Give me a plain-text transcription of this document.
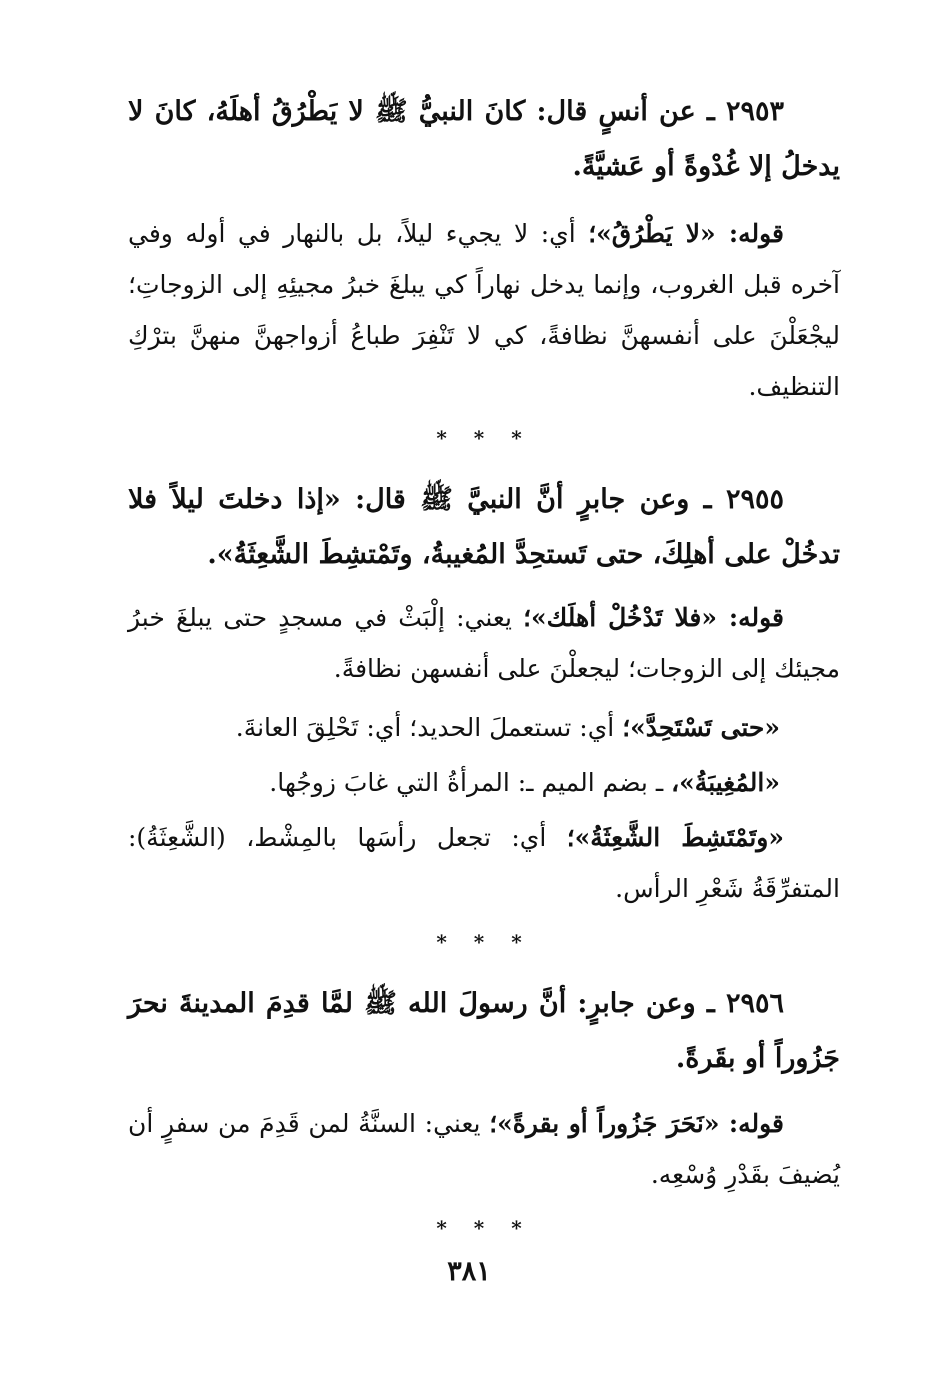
٢٩٥٣ ـ عن أنسٍ قال: كانَ النبيُّ ﷺ لا يَطْرُقُ أهلَهُ، كانَ لا يدخلُ إلا غُدْوةً أو عَشيَّةً.

قوله: «لا يَطْرُقُ»؛ أي: لا يجيء ليلاً، بل بالنهار في أوله وفي آخره قبل الغروب، وإنما يدخل نهاراً كي يبلغَ خبرُ مجيئِهِ إلى الزوجاتِ؛ ليجْعَلْنَ على أنفسهنَّ نظافةً، كي لا تَنْفِرَ طباعُ أزواجهنَّ منهنَّ بترْكِ التنظيف.

* * *

٢٩٥٥ ـ وعن جابرٍ أنَّ النبيَّ ﷺ قال: «إذا دخلتَ ليلاً فلا تدخُلْ على أهلِكَ، حتى تَستحِدَّ المُغيبةُ، وتَمْتشِطَ الشَّعِثَةُ».

قوله: «فلا تَدْخُلْ أهلَك»؛ يعني: إلْبَثْ في مسجدٍ حتى يبلغَ خبرُ مجيئك إلى الزوجات؛ ليجعلْنَ على أنفسهن نظافةً.

«حتى تَسْتَحِدَّ»؛ أي: تستعملَ الحديد؛ أي: تَحْلِقَ العانةَ.

«المُغِيبَةُ»، ـ بضم الميم ـ: المرأةُ التي غابَ زوجُها.

«وتَمْتَشِطَ الشَّعِثَةُ»؛ أي: تجعل رأسَها بالمِشْط، (الشَّعِثَةُ): المتفرِّقَةُ شَعْرِ الرأس.

* * *

٢٩٥٦ ـ وعن جابرٍ: أنَّ رسولَ الله ﷺ لمَّا قدِمَ المدينةَ نحرَ جَزُوراً أو بقَرةً.

قوله: «نَحَرَ جَزُوراً أو بقرةً»؛ يعني: السنَّةُ لمن قَدِمَ من سفرٍ أن يُضيفَ بقَدْرِ وُسْعِه.

* * *
٣٨١
